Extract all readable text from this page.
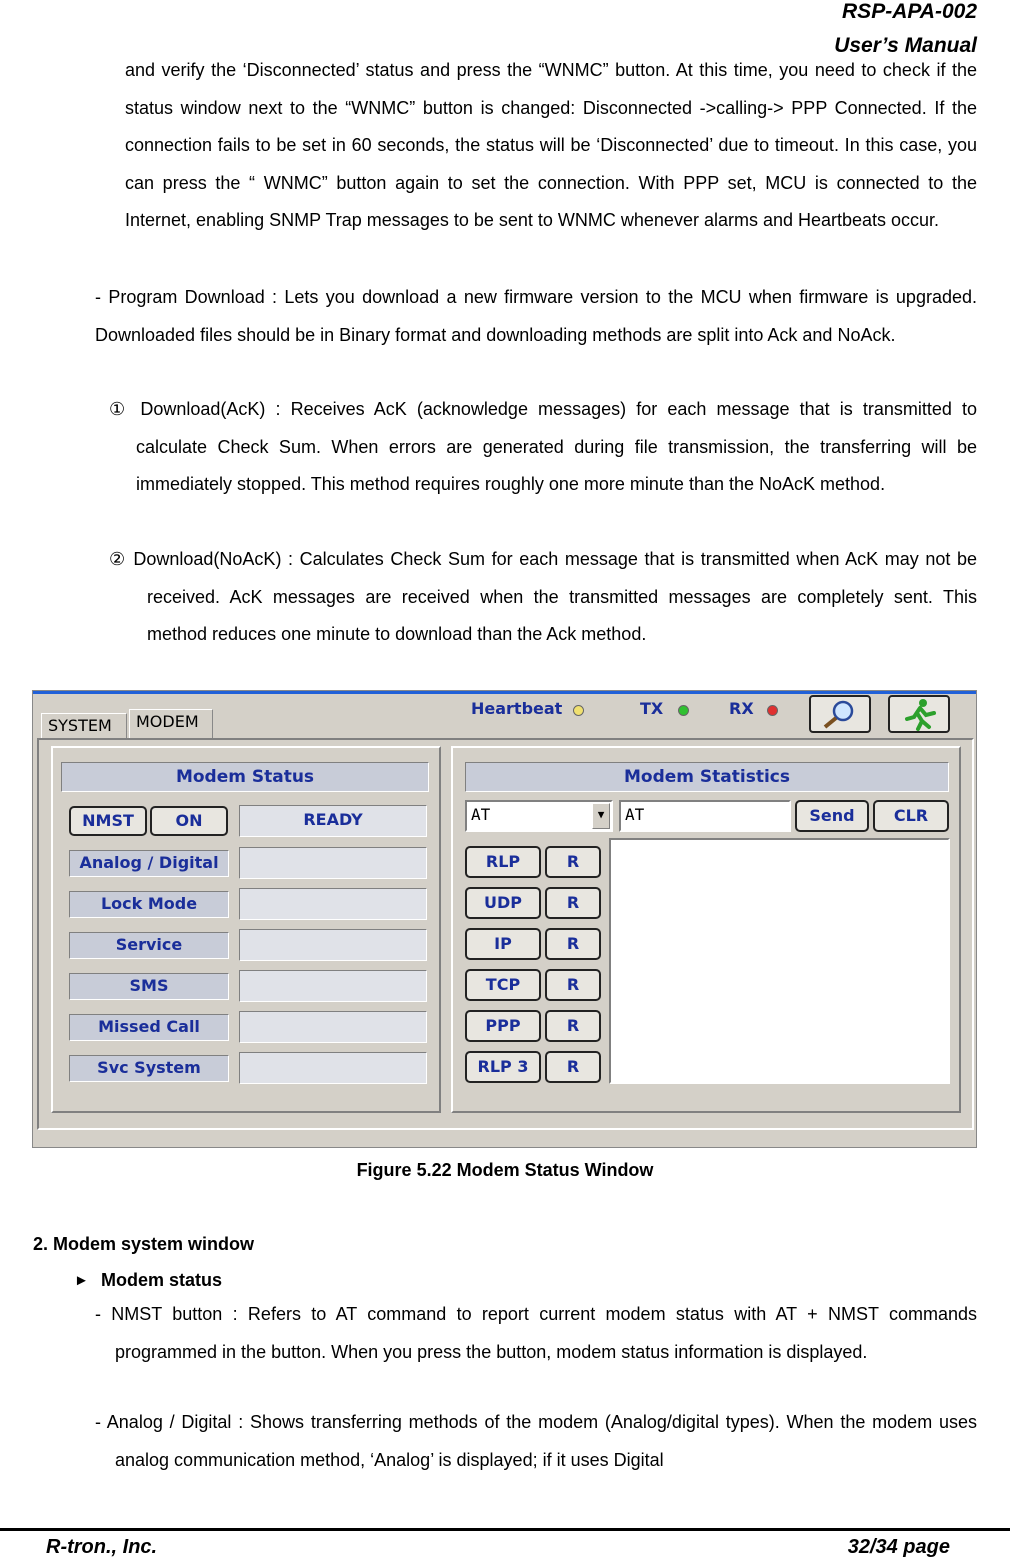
RSP-APA-002
User’s Manual

and verify the ‘Disconnected’ status and press the “WNMC” button. At this time, you need to check if the status window next to the “WNMC” button is changed: Disconnected ->calling-> PPP Connected. If the connection fails to be set in 60 seconds, the status will be ‘Disconnected’ due to timeout. In this case, you can press the “ WNMC” button again to set the connection. With PPP set, MCU is connected to the Internet, enabling SNMP Trap messages to be sent to WNMC whenever alarms and Heartbeats occur.

- Program Download : Lets you download a new firmware version to the MCU when firmware is upgraded. Downloaded files should be in Binary format and downloading methods are split into Ack and NoAck.

① Download(AcK) : Receives AcK (acknowledge messages) for each message that is transmitted to calculate Check Sum. When errors are generated during file transmission, the transferring will be immediately stopped. This method requires roughly one more minute than the NoAcK method.

② Download(NoAcK) : Calculates Check Sum for each message that is transmitted when AcK may not be received. AcK messages are received when the transmitted messages are completely sent. This method reduces one minute to download than the Ack method.

SYSTEM	MODEM
Heartbeat	TX	RX
Modem Status
NMST	ON	READY
Analog / Digital
Lock Mode
Service
SMS
Missed Call
Svc System
Modem Statistics
AT	▼	AT	Send	CLR
RLP	R
UDP	R
IP	R
TCP	R
PPP	R
RLP 3	R
Figure 5.22 Modem Status Window
2. Modem system window
► Modem status

- NMST button : Refers to AT command to report current modem status with AT + NMST commands programmed in the button. When you press the button, modem status information is displayed.

- Analog / Digital : Shows transferring methods of the modem (Analog/digital types). When the modem uses analog communication method, ‘Analog’ is displayed; if it uses Digital

R-tron., Inc.	32/34 page
